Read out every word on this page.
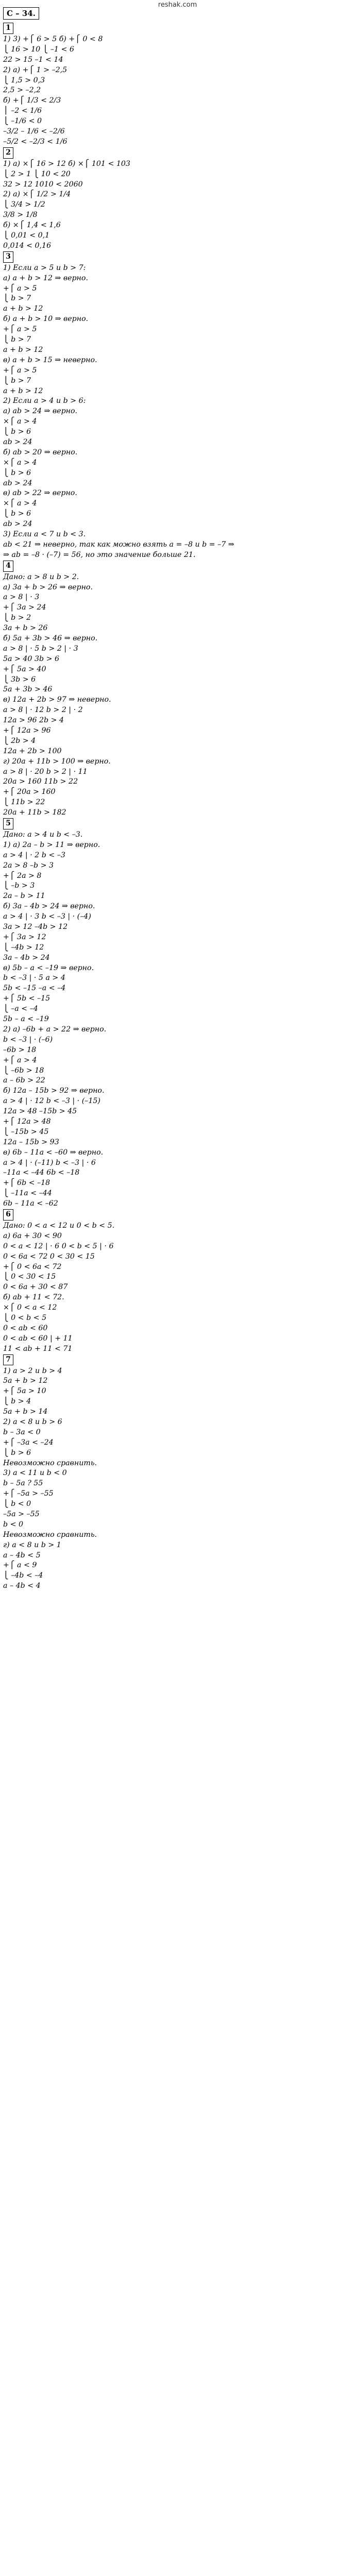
reshak.com
С – 34.
1
1) 3) +⎧ 6 > 5 б) +⎧ 0 < 8
⎩ 16 > 10 ⎩ –1 < 6
22 > 15 –1 < 14
2) а) +⎧ 1 > –2,5
⎩ 1,5 > 0,3
2,5 > –2,2
б) +⎧ 1/3 < 2/3
⎪ –2 < 1/6
⎩ –1/6 < 0
–3/2 – 1/6 < –2/6
–5/2 < –2/3 < 1/6
2
1) а) ×⎧ 16 > 12 б) ×⎧ 101 < 103
⎩ 2 > 1 ⎩ 10 < 20
32 > 12 1010 < 2060
2) а) ×⎧ 1/2 > 1/4
⎩ 3/4 > 1/2
3/8 > 1/8
б) ×⎧ 1,4 < 1,6
⎩ 0,01 < 0,1
0,014 < 0,16
3
1) Если а > 5 и b > 7:
а) а + b > 12 ⇒ верно.
+⎧ a > 5
⎩ b > 7
a + b > 12
б) a + b > 10 ⇒ верно.
+⎧ a > 5
⎩ b > 7
a + b > 12
в) a + b > 15 ⇒ неверно.
+⎧ a > 5
⎩ b > 7
a + b > 12
2) Если а > 4 и b > 6:
а) ab > 24 ⇒ верно.
×⎧ a > 4
⎩ b > 6
ab > 24
б) ab > 20 ⇒ верно.
×⎧ a > 4
⎩ b > 6
ab > 24
в) ab > 22 ⇒ верно.
×⎧ a > 4
⎩ b > 6
ab > 24
3) Если a < 7 и b < 3.
ab < 21 ⇒ неверно, так как можно взять a = –8 и b = –7 ⇒
⇒ ab = –8 · (–7) = 56, но это значение больше 21.
4
Дано: a > 8 и b > 2.
а) 3a + b > 26 ⇒ верно.
a > 8 | · 3
+⎧ 3a > 24
⎩ b > 2
3a + b > 26
б) 5a + 3b > 46 ⇒ верно.
a > 8 | · 5 b > 2 | · 3
5a > 40 3b > 6
+⎧ 5a > 40
⎩ 3b > 6
5a + 3b > 46
в) 12a + 2b > 97 ⇒ неверно.
a > 8 | · 12 b > 2 | · 2
12a > 96 2b > 4
+⎧ 12a > 96
⎩ 2b > 4
12a + 2b > 100
г) 20a + 11b > 100 ⇒ верно.
a > 8 | · 20 b > 2 | · 11
20a > 160 11b > 22
+⎧ 20a > 160
⎩ 11b > 22
20a + 11b > 182
5
Дано: a > 4 и b < –3.
1) а) 2a – b > 11 ⇒ верно.
a > 4 | · 2 b < –3
2a > 8 –b > 3
+⎧ 2a > 8
⎩ –b > 3
2a – b > 11
б) 3a – 4b > 24 ⇒ верно.
a > 4 | · 3 b < –3 | · (–4)
3a > 12 –4b > 12
+⎧ 3a > 12
⎩ –4b > 12
3a – 4b > 24
в) 5b – a < –19 ⇒ верно.
b < –3 | · 5 a > 4
5b < –15 –a < –4
+⎧ 5b < –15
⎩ –a < –4
5b – a < –19
2) а) –6b + a > 22 ⇒ верно.
b < –3 | · (–6)
–6b > 18
+⎧ a > 4
⎩ –6b > 18
a – 6b > 22
б) 12a – 15b > 92 ⇒ верно.
a > 4 | · 12 b < –3 | · (–15)
12a > 48 –15b > 45
+⎧ 12a > 48
⎩ –15b > 45
12a – 15b > 93
в) 6b – 11a < –60 ⇒ верно.
a > 4 | · (–11) b < –3 | · 6
–11a < –44 6b < –18
+⎧ 6b < –18
⎩ –11a < –44
6b – 11a < –62
6
Дано: 0 < a < 12 и 0 < b < 5.
а) 6a + 30 < 90
0 < a < 12 | · 6 0 < b < 5 | · 6
0 < 6a < 72 0 < 30 < 15
+⎧ 0 < 6a < 72
⎩ 0 < 30 < 15
0 < 6a + 30 < 87
б) ab + 11 < 72.
×⎧ 0 < a < 12
⎩ 0 < b < 5
0 < ab < 60
0 < ab < 60 | + 11
11 < ab + 11 < 71
7
1) a > 2 и b > 4
5a + b > 12
+⎧ 5a > 10
⎩ b > 4
5a + b > 14
2) a < 8 и b > 6
b – 3a < 0
+⎧ –3a < –24
⎩ b > 6
Невозможно сравнить.
3) a < 11 и b < 0
b – 5a ? 55
+⎧ –5a > –55
⎩ b < 0
–5a > –55
b < 0
Невозможно сравнить.
г) a < 8 и b > 1
a – 4b < 5
+⎧ a < 9
⎩ –4b < –4
a – 4b < 4
